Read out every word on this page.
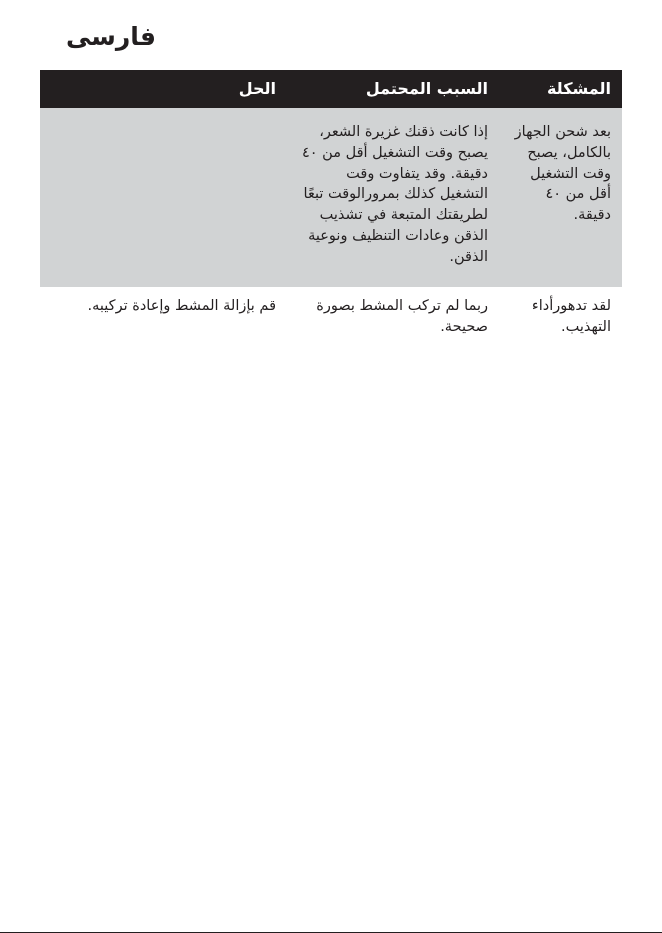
فارسی
المشكلة
السبب المحتمل
الحل
بعد شحن الجهاز بالكامل، يصبح وقت التشغيل أقل من ٤٠ دقيقة.
إذا كانت ذقنك غزيرة الشعر، يصبح وقت التشغيل أقل من ٤٠ دقيقة. وقد يتفاوت وقت التشغيل كذلك بمرورالوقت تبعًا لطريقتك المتبعة في تشذيب الذقن وعادات التنظيف ونوعية الذقن.
لقد تدهورأداء التهذيب.
ربما لم تركب المشط بصورة صحيحة.
قم بإزالة المشط وإعادة تركيبه.
